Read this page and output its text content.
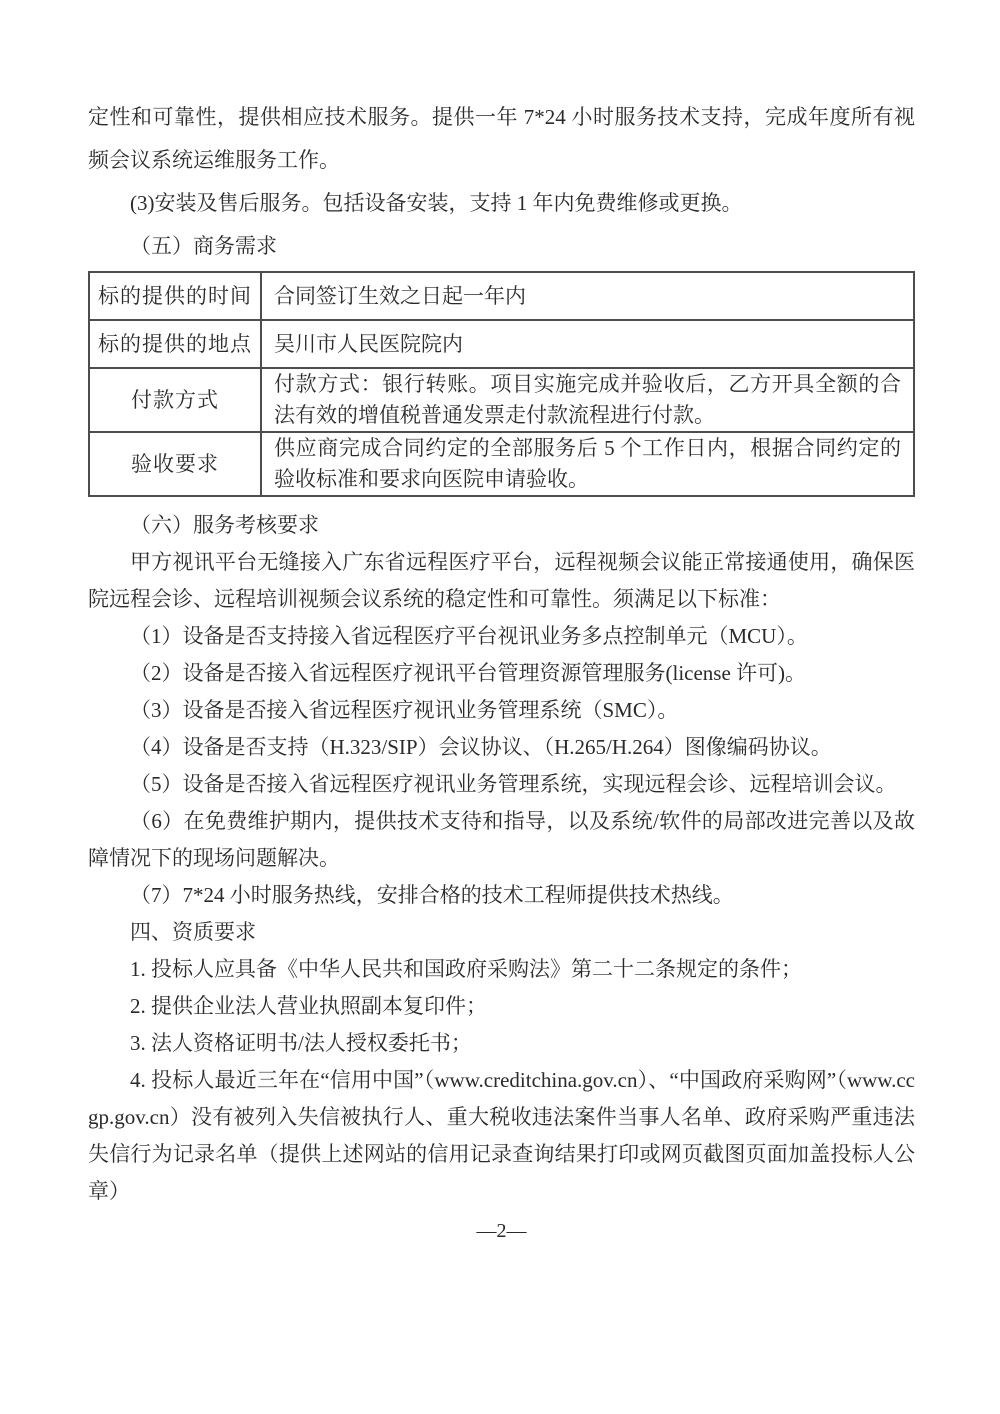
定性和可靠性，提供相应技术服务。提供一年 7*24 小时服务技术支持，完成年度所有视频会议系统运维服务工作。

(3)安装及售后服务。包括设备安装，支持 1 年内免费维修或更换。

（五）商务需求

标的提供的时间	合同签订生效之日起一年内
标的提供的地点	吴川市人民医院院内
付款方式	付款方式：银行转账。项目实施完成并验收后，乙方开具全额的合法有效的增值税普通发票走付款流程进行付款。
验收要求	供应商完成合同约定的全部服务后 5 个工作日内，根据合同约定的验收标准和要求向医院申请验收。

（六）服务考核要求

甲方视讯平台无缝接入广东省远程医疗平台，远程视频会议能正常接通使用，确保医院远程会诊、远程培训视频会议系统的稳定性和可靠性。须满足以下标准：

（1）设备是否支持接入省远程医疗平台视讯业务多点控制单元（MCU）。

（2）设备是否接入省远程医疗视讯平台管理资源管理服务(license 许可)。

（3）设备是否接入省远程医疗视讯业务管理系统（SMC）。

（4）设备是否支持（H.323/SIP）会议协议、（H.265/H.264）图像编码协议。

（5）设备是否接入省远程医疗视讯业务管理系统，实现远程会诊、远程培训会议。

（6）在免费维护期内，提供技术支待和指导，以及系统/软件的局部改进完善以及故障情况下的现场问题解决。

（7）7*24 小时服务热线，安排合格的技术工程师提供技术热线。

四、资质要求

1. 投标人应具备《中华人民共和国政府采购法》第二十二条规定的条件；

2. 提供企业法人营业执照副本复印件；

3. 法人资格证明书/法人授权委托书；

4. 投标人最近三年在“信用中国”（www.creditchina.gov.cn）、“中国政府采购网”（www.ccgp.gov.cn）没有被列入失信被执行人、重大税收违法案件当事人名单、政府采购严重违法失信行为记录名单（提供上述网站的信用记录查询结果打印或网页截图页面加盖投标人公章）

—2—
